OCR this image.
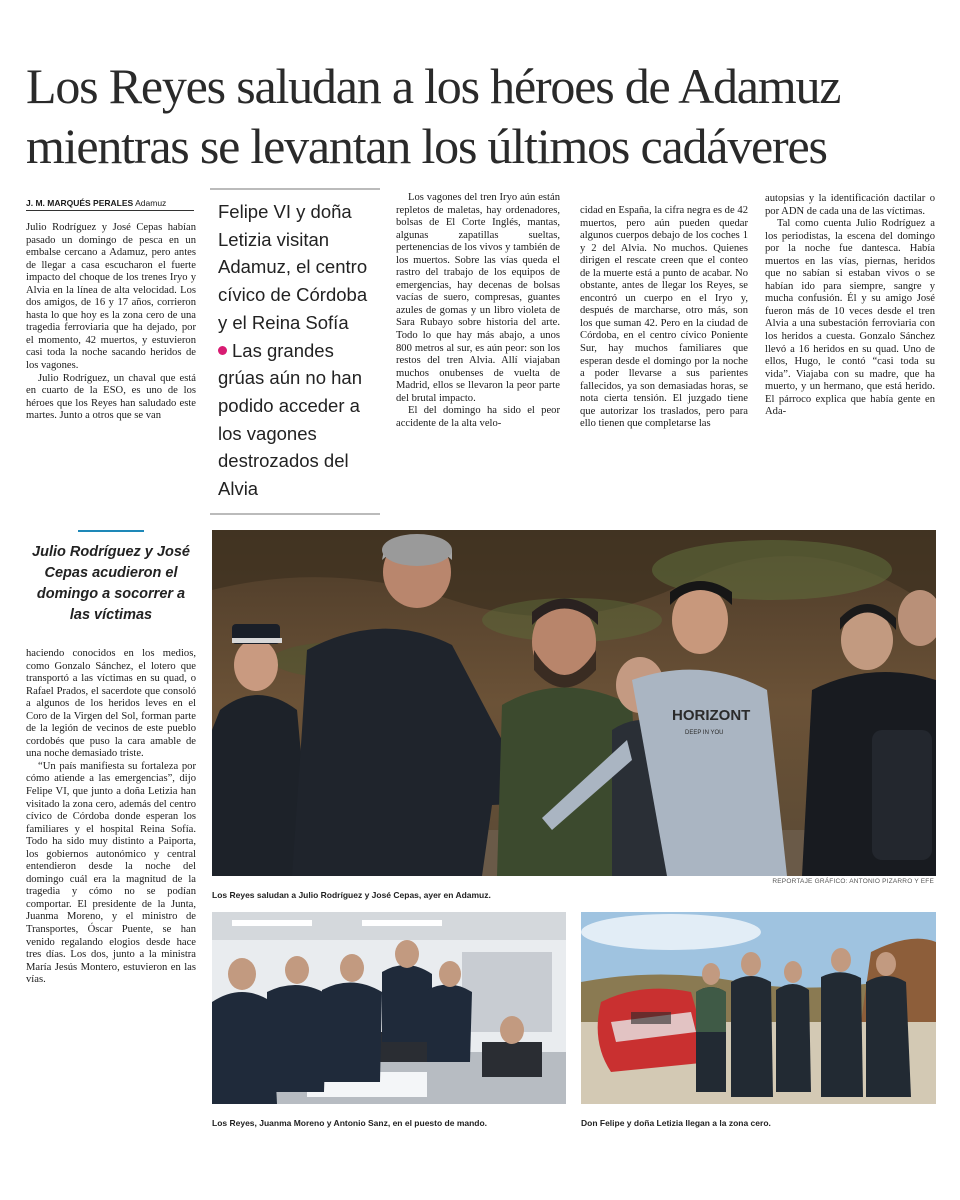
Los Reyes saludan a los héroes de Adamuz mientras se levantan los últimos cadáveres
J. M. MARQUÉS PERALES Adamuz

Julio Rodríguez y José Cepas habían pasado un domingo de pesca en un embalse cercano a Adamuz, pero antes de llegar a casa escucharon el fuerte impacto del choque de los trenes Iryo y Alvia en la línea de alta velocidad. Los dos amigos, de 16 y 17 años, corrieron hasta lo que hoy es la zona cero de una tragedia ferroviaria que ha dejado, por el momento, 42 muertos, y estuvieron casi toda la noche sacando heridos de los vagones.

Julio Rodríguez, un chaval que está en cuarto de la ESO, es uno de los héroes que los Reyes han saludado este martes. Junto a otros que se van

Felipe VI y doña Letizia visitan Adamuz, el centro cívico de Córdoba y el Reina Sofía
Las grandes grúas aún no han podido acceder a los vagones destrozados del Alvia

Los vagones del tren Iryo aún están repletos de maletas, hay ordenadores, bolsas de El Corte Inglés, mantas, algunas zapatillas sueltas, pertenencias de los vivos y también de los muertos. Sobre las vías queda el rastro del trabajo de los equipos de emergencias, hay decenas de bolsas vacías de suero, compresas, guantes azules de gomas y un libro violeta de Sara Rubayo sobre historia del arte. Todo lo que hay más abajo, a unos 800 metros al sur, es aún peor: son los restos del tren Alvia. Allí viajaban muchos onubenses de vuelta de Madrid, ellos se llevaron la peor parte del brutal impacto.

El del domingo ha sido el peor accidente de la alta velo-

cidad en España, la cifra negra es de 42 muertos, pero aún pueden quedar algunos cuerpos debajo de los coches 1 y 2 del Alvia. No muchos. Quienes dirigen el rescate creen que el conteo de la muerte está a punto de acabar. No obstante, antes de llegar los Reyes, se encontró un cuerpo en el Iryo y, después de marcharse, otro más, son los que suman 42. Pero en la ciudad de Córdoba, en el centro cívico Poniente Sur, hay muchos familiares que esperan desde el domingo por la noche a poder llevarse a sus parientes fallecidos, ya son demasiadas horas, se nota cierta tensión. El juzgado tiene que autorizar los traslados, pero para ello tienen que completarse las

autopsias y la identificación dactilar o por ADN de cada una de las víctimas.

Tal como cuenta Julio Rodríguez a los periodistas, la escena del domingo por la noche fue dantesca. Había muertos en las vías, piernas, heridos que no sabían si estaban vivos o se habían ido para siempre, sangre y mucha confusión. Él y su amigo José fueron más de 10 veces desde el tren Alvia a una subestación ferroviaria con los heridos a cuesta. Gonzalo Sánchez llevó a 16 heridos en su quad. Uno de ellos, Hugo, le contó “casi toda su vida”. Viajaba con su madre, que ha muerto, y un hermano, que está herido. El párroco explica que había gente en Ada-

Julio Rodríguez y José Cepas acudieron el domingo a socorrer a las víctimas

haciendo conocidos en los medios, como Gonzalo Sánchez, el lotero que transportó a las víctimas en su quad, o Rafael Prados, el sacerdote que consoló a algunos de los heridos leves en el Coro de la Virgen del Sol, forman parte de la legión de vecinos de este pueblo cordobés que puso la cara amable de una noche demasiado triste.

“Un país manifiesta su fortaleza por cómo atiende a las emergencias”, dijo Felipe VI, que junto a doña Letizia han visitado la zona cero, además del centro cívico de Córdoba donde esperan los familiares y el hospital Reina Sofía. Todo ha sido muy distinto a Paiporta, los gobiernos autonómico y central entendieron desde la noche del domingo cuál era la magnitud de la tragedia y cómo no se podían comportar. El presidente de la Junta, Juanma Moreno, y el ministro de Transportes, Óscar Puente, se han venido regalando elogios desde hace tres días. Los dos, junto a la ministra María Jesús Montero, estuvieron en las vías.

HORIZONT
DEEP IN YOU
Los Reyes saludan a Julio Rodríguez y José Cepas, ayer en Adamuz.
REPORTAJE GRÁFICO: ANTONIO PIZARRO Y EFE
Los Reyes, Juanma Moreno y Antonio Sanz, en el puesto de mando.	Don Felipe y doña Letizia llegan a la zona cero.
